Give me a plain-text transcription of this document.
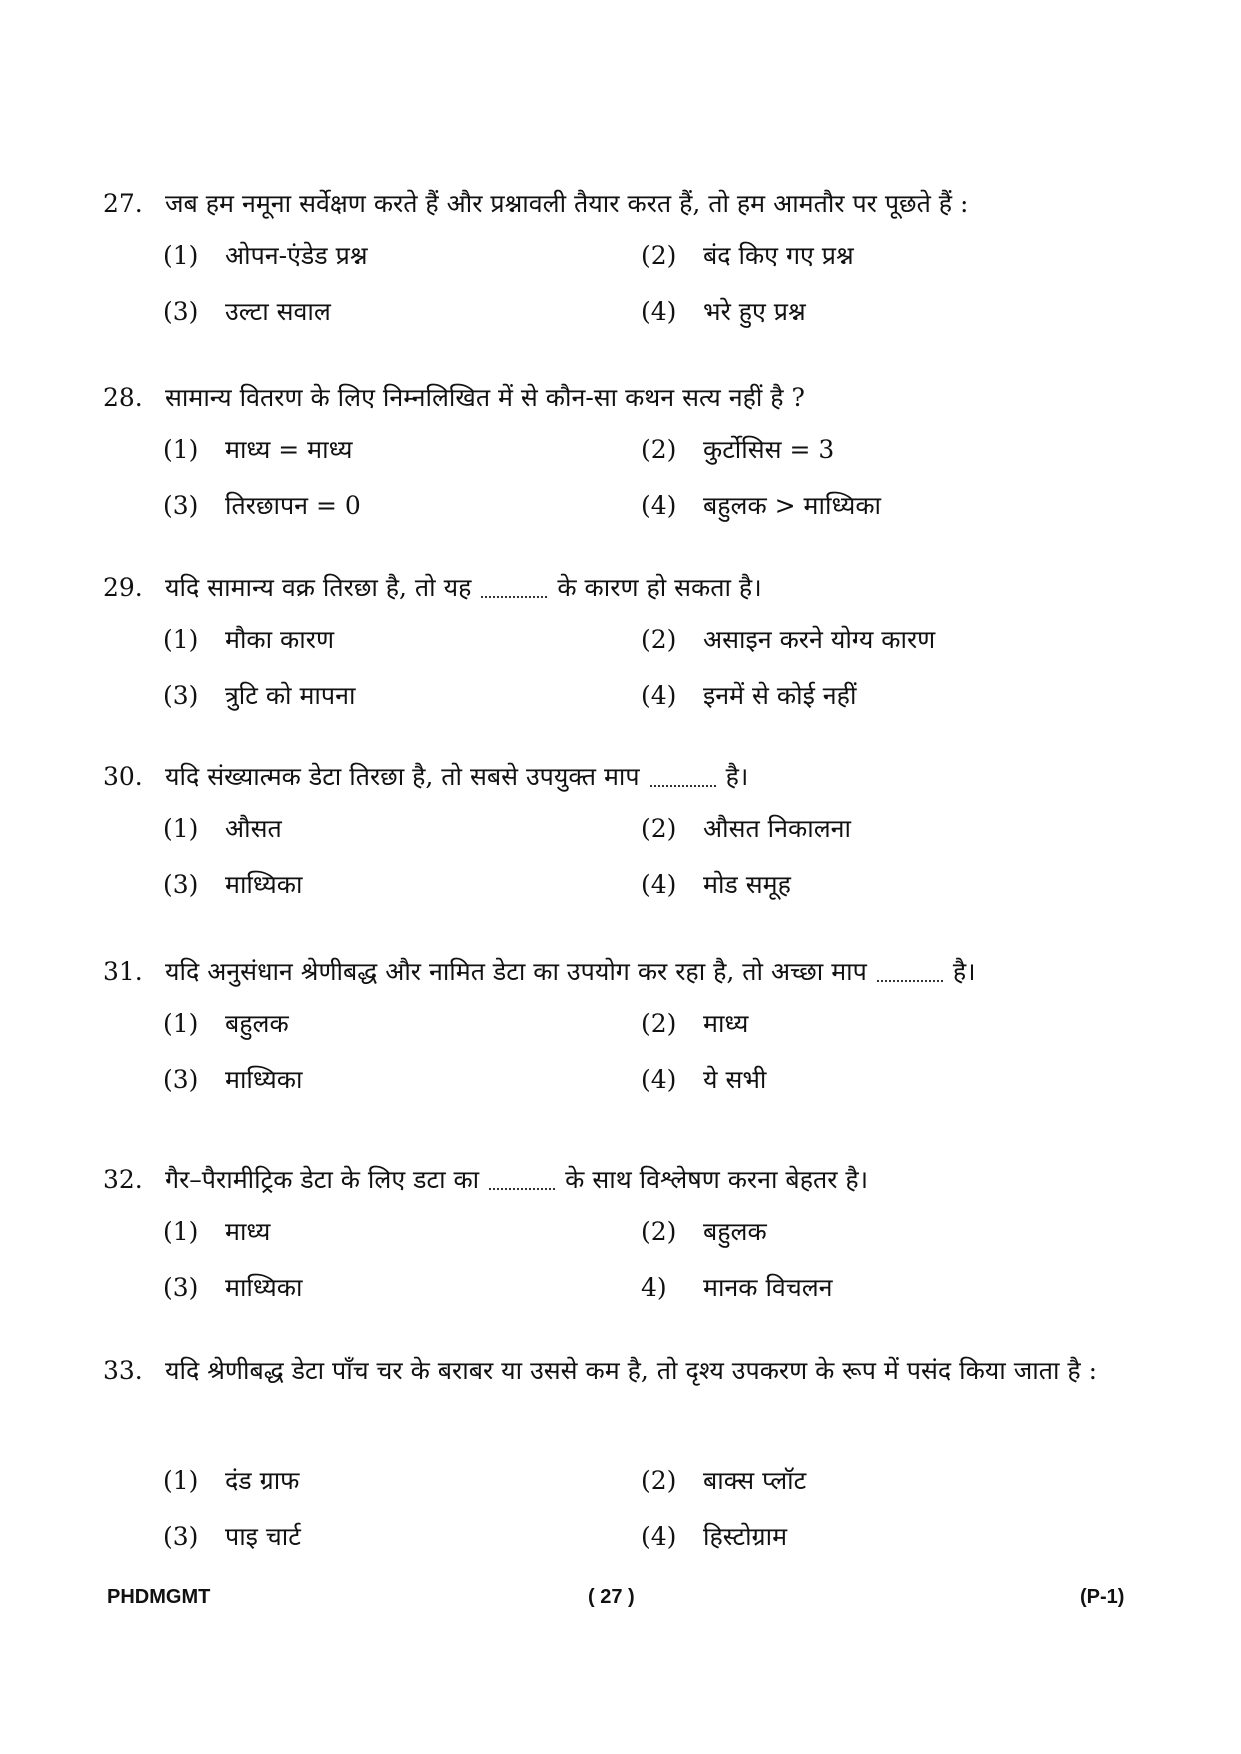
27. जब हम नमूना सर्वेक्षण करते हैं और प्रश्नावली तैयार करत हैं, तो हम आमतौर पर पूछते हैं :
(1) ओपन-एंडेड प्रश्न	(2) बंद किए गए प्रश्न
(3) उल्टा सवाल	(4) भरे हुए प्रश्न
28. सामान्य वितरण के लिए निम्नलिखित में से कौन-सा कथन सत्य नहीं है ?
(1) माध्य = माध्य	(2) कुर्टोसिस = 3
(3) तिरछापन = 0	(4) बहुलक > माध्यिका
29. यदि सामान्य वक्र तिरछा है, तो यह	के कारण हो सकता है।
(1) मौका कारण	(2) असाइन करने योग्य कारण
(3) त्रुटि को मापना	(4) इनमें से कोई नहीं
30. यदि संख्यात्मक डेटा तिरछा है, तो सबसे उपयुक्त माप	है।
(1) औसत	(2) औसत निकालना
(3) माध्यिका	(4) मोड समूह
31. यदि अनुसंधान श्रेणीबद्ध और नामित डेटा का उपयोग कर रहा है, तो अच्छा माप	है।
(1) बहुलक	(2) माध्य
(3) माध्यिका	(4) ये सभी
32. गैर–पैरामीट्रिक डेटा के लिए डटा का	के साथ विश्लेषण करना बेहतर है।
(1) माध्य	(2) बहुलक
(3) माध्यिका	4) मानक विचलन
33. यदि श्रेणीबद्ध डेटा पाँच चर के बराबर या उससे कम है, तो दृश्य उपकरण के रूप में पसंद किया जाता है :
(1) दंड ग्राफ	(2) बाक्स प्लॉट
(3) पाइ चार्ट	(4) हिस्टोग्राम
PHDMGMT	( 27 )	(P-1)
